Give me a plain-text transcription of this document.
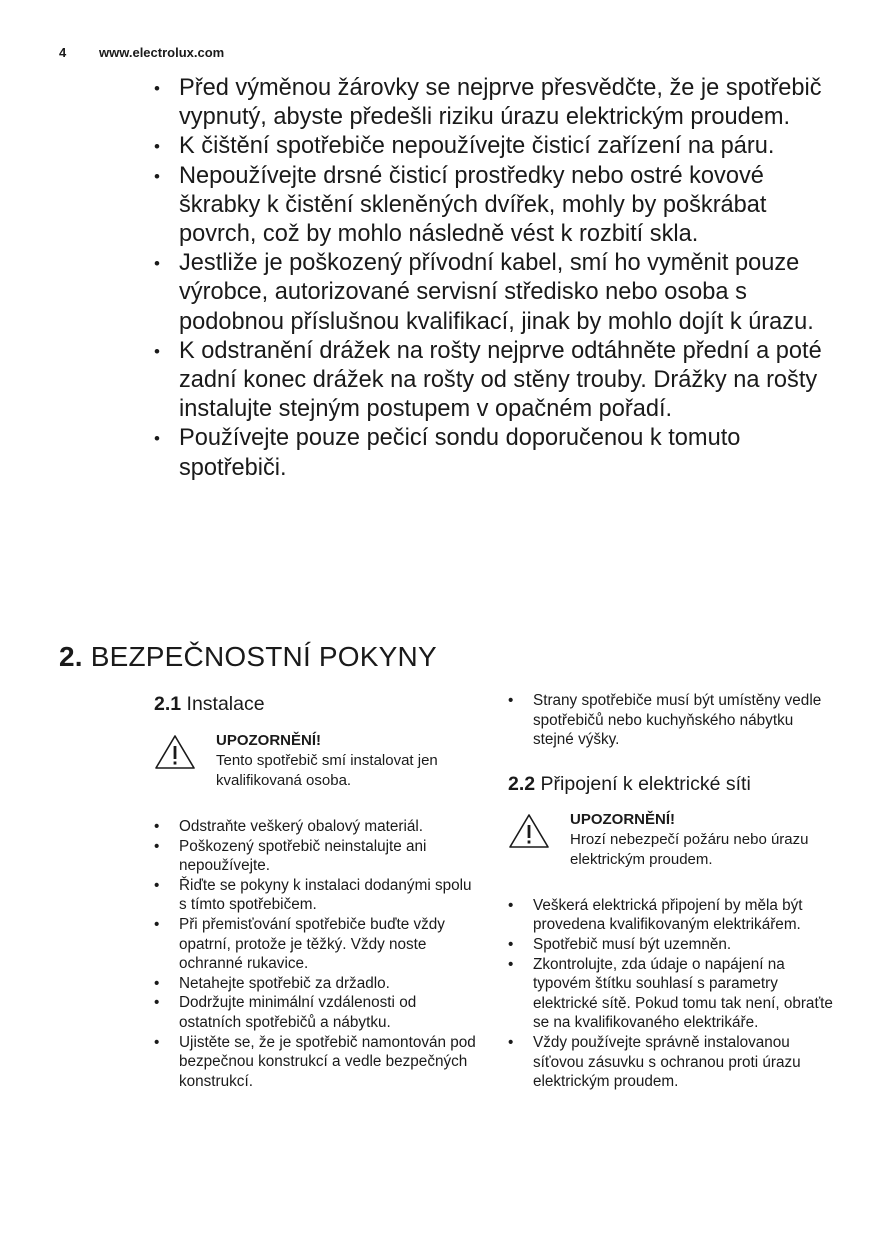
4	www.electrolux.com
• Před výměnou žárovky se nejprve přesvědčte, že je spotřebič vypnutý, abyste předešli riziku úrazu elektrickým proudem.
• K čištění spotřebiče nepoužívejte čisticí zařízení na páru.
• Nepoužívejte drsné čisticí prostředky nebo ostré kovové škrabky k čistění skleněných dvířek, mohly by poškrábat povrch, což by mohlo následně vést k rozbití skla.
• Jestliže je poškozený přívodní kabel, smí ho vyměnit pouze výrobce, autorizované servisní středisko nebo osoba s podobnou příslušnou kvalifikací, jinak by mohlo dojít k úrazu.
• K odstranění drážek na rošty nejprve odtáhněte přední a poté zadní konec drážek na rošty od stěny trouby. Drážky na rošty instalujte stejným postupem v opačném pořadí.
• Používejte pouze pečicí sondu doporučenou k tomuto spotřebiči.
2. BEZPEČNOSTNÍ POKYNY
2.1 Instalace
UPOZORNĚNÍ!
Tento spotřebič smí instalovat jen kvalifikovaná osoba.
• Odstraňte veškerý obalový materiál.
• Poškozený spotřebič neinstalujte ani nepoužívejte.
• Řiďte se pokyny k instalaci dodanými spolu s tímto spotřebičem.
• Při přemisťování spotřebiče buďte vždy opatrní, protože je těžký. Vždy noste ochranné rukavice.
• Netahejte spotřebič za držadlo.
• Dodržujte minimální vzdálenosti od ostatních spotřebičů a nábytku.
• Ujistěte se, že je spotřebič namontován pod bezpečnou konstrukcí a vedle bezpečných konstrukcí.
• Strany spotřebiče musí být umístěny vedle spotřebičů nebo kuchyňského nábytku stejné výšky.
2.2 Připojení k elektrické síti
UPOZORNĚNÍ!
Hrozí nebezpečí požáru nebo úrazu elektrickým proudem.
• Veškerá elektrická připojení by měla být provedena kvalifikovaným elektrikářem.
• Spotřebič musí být uzemněn.
• Zkontrolujte, zda údaje o napájení na typovém štítku souhlasí s parametry elektrické sítě. Pokud tomu tak není, obraťte se na kvalifikovaného elektrikáře.
• Vždy používejte správně instalovanou síťovou zásuvku s ochranou proti úrazu elektrickým proudem.
